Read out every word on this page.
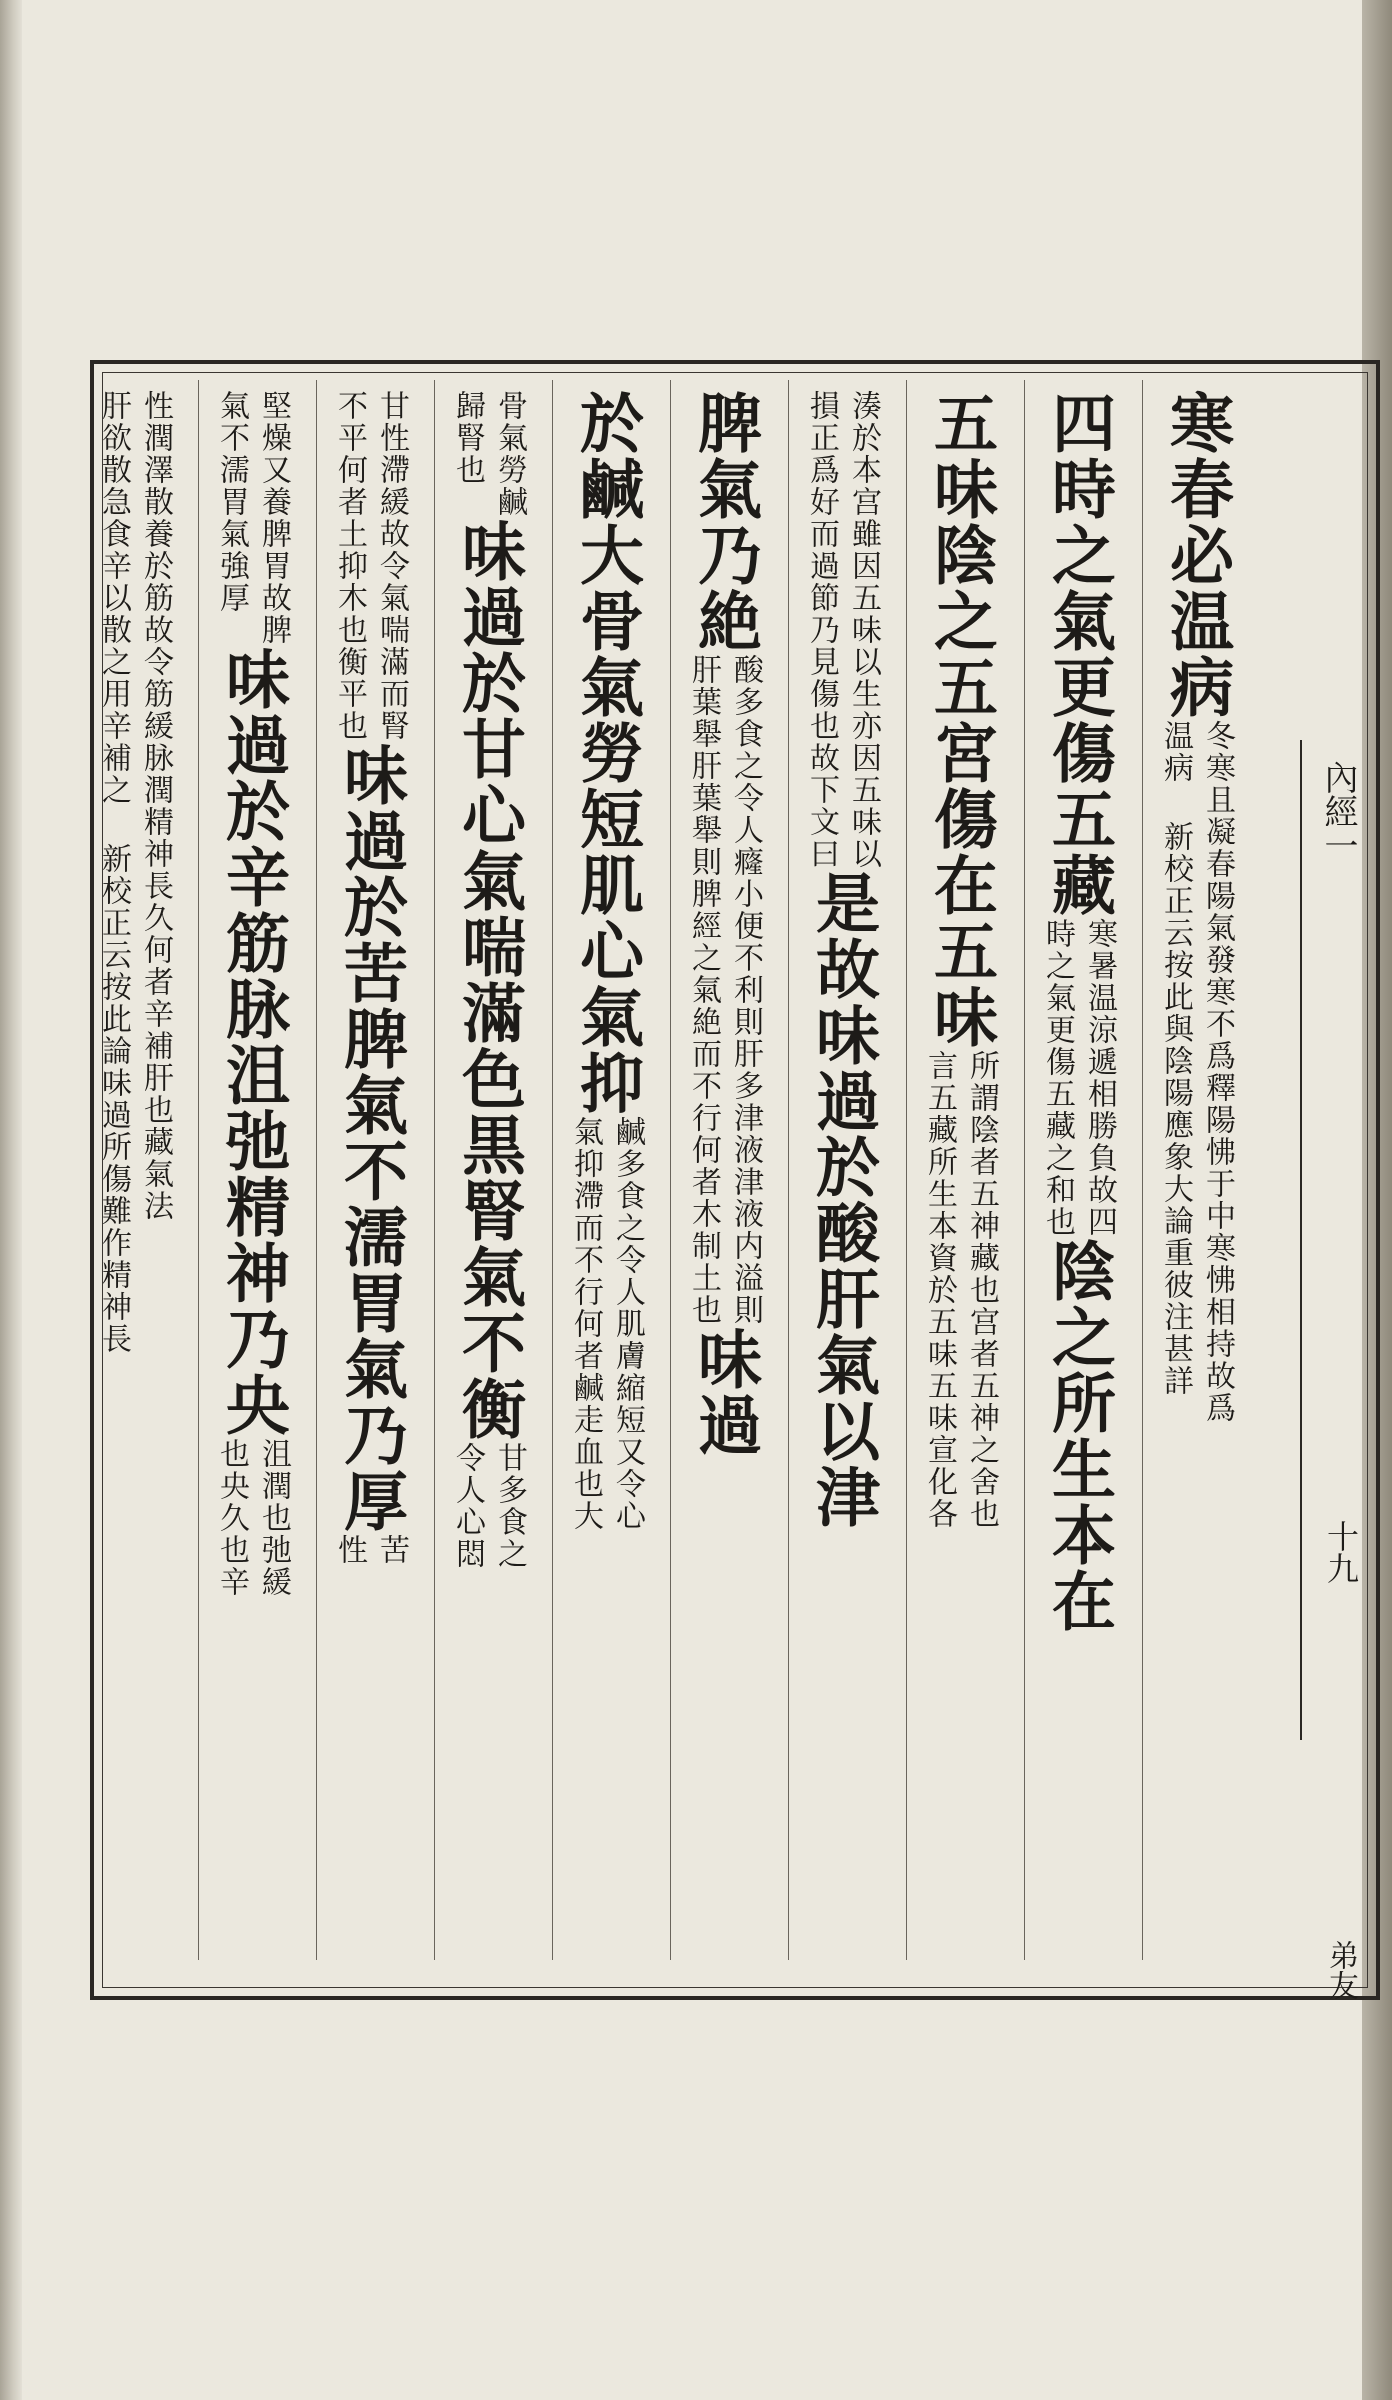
內經一
十九
弟友
寒春必温病
冬寒且凝春陽氣發寒不爲釋陽怫于中寒怫相持故爲
温病 新校正云按此與陰陽應象大論重彼注甚詳
四時之氣更傷五藏
寒暑温涼遞相勝負故四
時之氣更傷五藏之和也
陰之所生本在
五味陰之五宮傷在五味
所謂陰者五神藏也宫者五神之舍也
言五藏所生本資於五味五味宣化各
湊於本宫雖因五味以生亦因五味以
損正爲好而過節乃見傷也故下文曰
是故味過於酸肝氣以津
脾氣乃絶
酸多食之令人癃小便不利則肝多津液津液内溢則
肝葉舉肝葉舉則脾經之氣絶而不行何者木制土也
味過
於鹹大骨氣勞短肌心氣抑
鹹多食之令人肌膚縮短又令心
氣抑滯而不行何者鹹走血也大
骨氣勞鹹
歸腎也
味過於甘心氣喘滿色黒腎氣不衡
甘多食之
令人心悶
甘性滯緩故令氣喘滿而腎
不平何者土抑木也衡平也
味過於苦脾氣不濡胃氣乃厚
苦
性
堅燥又養脾胃故脾
氣不濡胃氣強厚
味過於辛筋脉沮弛精神乃央
沮潤也弛緩
也央久也辛
性潤澤散養於筋故令筋緩脉潤精神長久何者辛補肝也藏氣法
肝欲散急食辛以散之用辛補之 新校正云按此論味過所傷難作精神長
